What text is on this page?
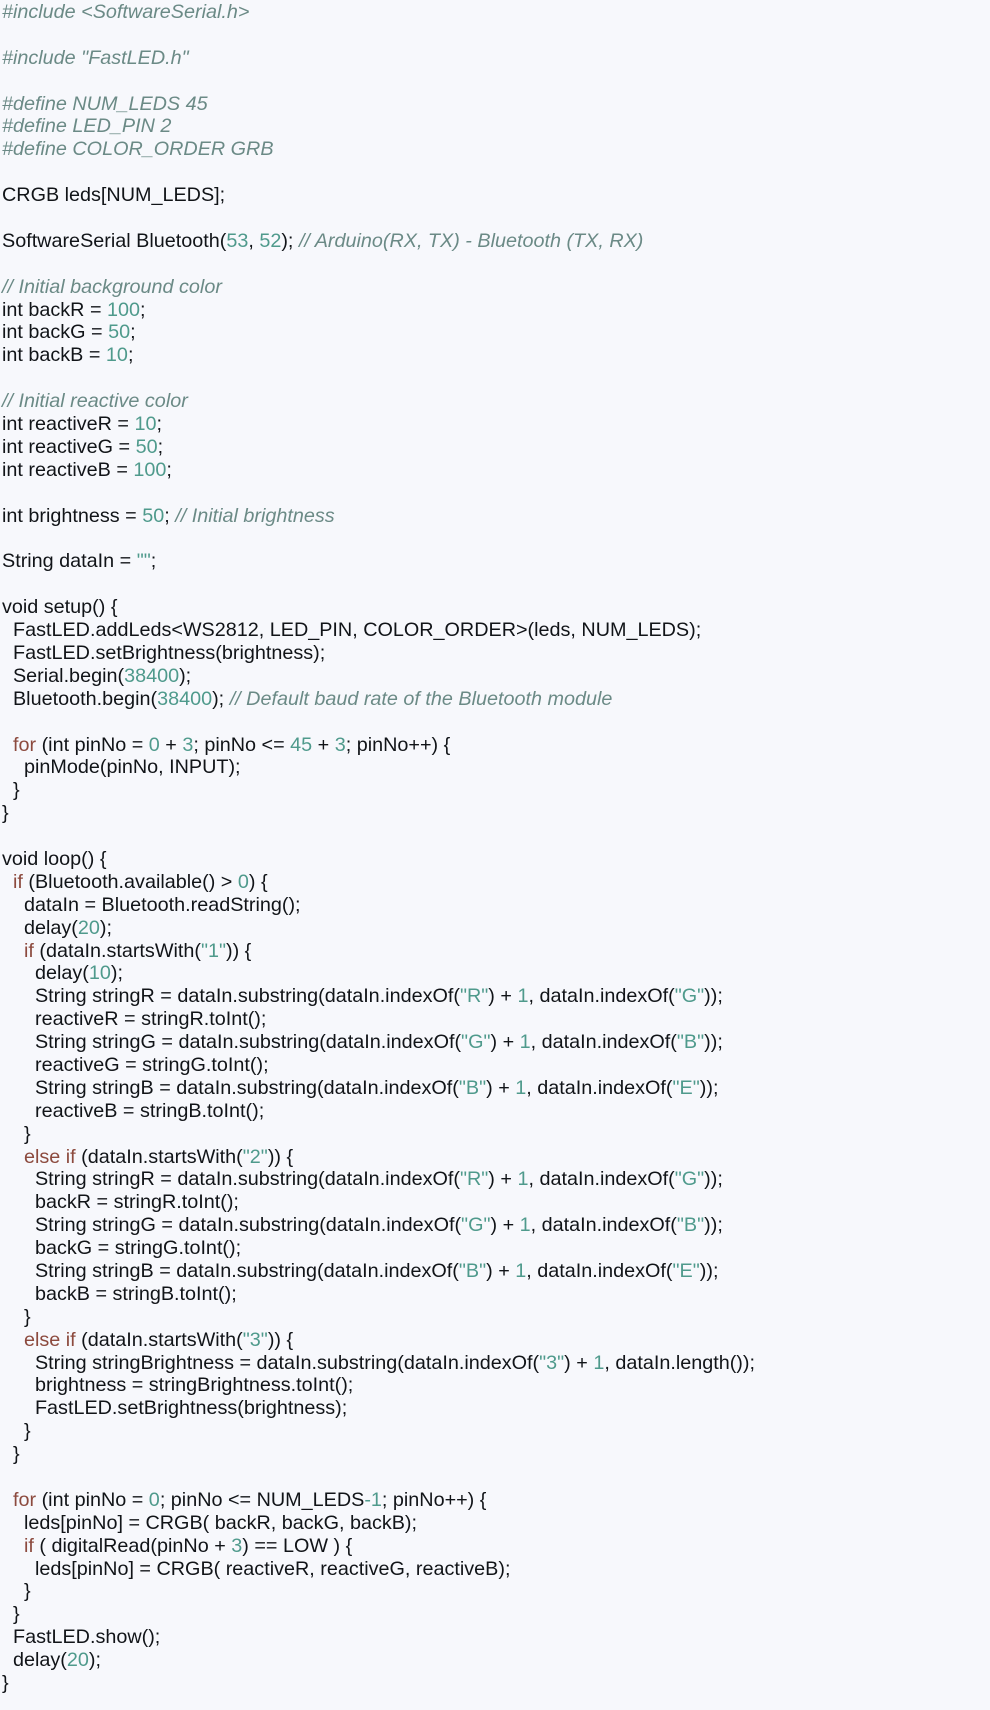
#include <SoftwareSerial.h>

#include "FastLED.h"

#define NUM_LEDS 45
#define LED_PIN 2
#define COLOR_ORDER GRB

CRGB leds[NUM_LEDS];

SoftwareSerial Bluetooth(53, 52); // Arduino(RX, TX) - Bluetooth (TX, RX)

// Initial background color
int backR = 100;
int backG = 50;
int backB = 10;

// Initial reactive color
int reactiveR = 10;
int reactiveG = 50;
int reactiveB = 100;

int brightness = 50; // Initial brightness

String dataIn = "";

void setup() {
FastLED.addLeds<WS2812, LED_PIN, COLOR_ORDER>(leds, NUM_LEDS);
FastLED.setBrightness(brightness);
Serial.begin(38400);
Bluetooth.begin(38400); // Default baud rate of the Bluetooth module

for (int pinNo = 0 + 3; pinNo <= 45 + 3; pinNo++) {
pinMode(pinNo, INPUT);
}
}

void loop() {
if (Bluetooth.available() > 0) {
dataIn = Bluetooth.readString();
delay(20);
if (dataIn.startsWith("1")) {
delay(10);
String stringR = dataIn.substring(dataIn.indexOf("R") + 1, dataIn.indexOf("G"));
reactiveR = stringR.toInt();
String stringG = dataIn.substring(dataIn.indexOf("G") + 1, dataIn.indexOf("B"));
reactiveG = stringG.toInt();
String stringB = dataIn.substring(dataIn.indexOf("B") + 1, dataIn.indexOf("E"));
reactiveB = stringB.toInt();
}
else if (dataIn.startsWith("2")) {
String stringR = dataIn.substring(dataIn.indexOf("R") + 1, dataIn.indexOf("G"));
backR = stringR.toInt();
String stringG = dataIn.substring(dataIn.indexOf("G") + 1, dataIn.indexOf("B"));
backG = stringG.toInt();
String stringB = dataIn.substring(dataIn.indexOf("B") + 1, dataIn.indexOf("E"));
backB = stringB.toInt();
}
else if (dataIn.startsWith("3")) {
String stringBrightness = dataIn.substring(dataIn.indexOf("3") + 1, dataIn.length());
brightness = stringBrightness.toInt();
FastLED.setBrightness(brightness);
}
}

for (int pinNo = 0; pinNo <= NUM_LEDS-1; pinNo++) {
leds[pinNo] = CRGB( backR, backG, backB);
if ( digitalRead(pinNo + 3) == LOW ) {
leds[pinNo] = CRGB( reactiveR, reactiveG, reactiveB);
}
}
FastLED.show();
delay(20);
}
